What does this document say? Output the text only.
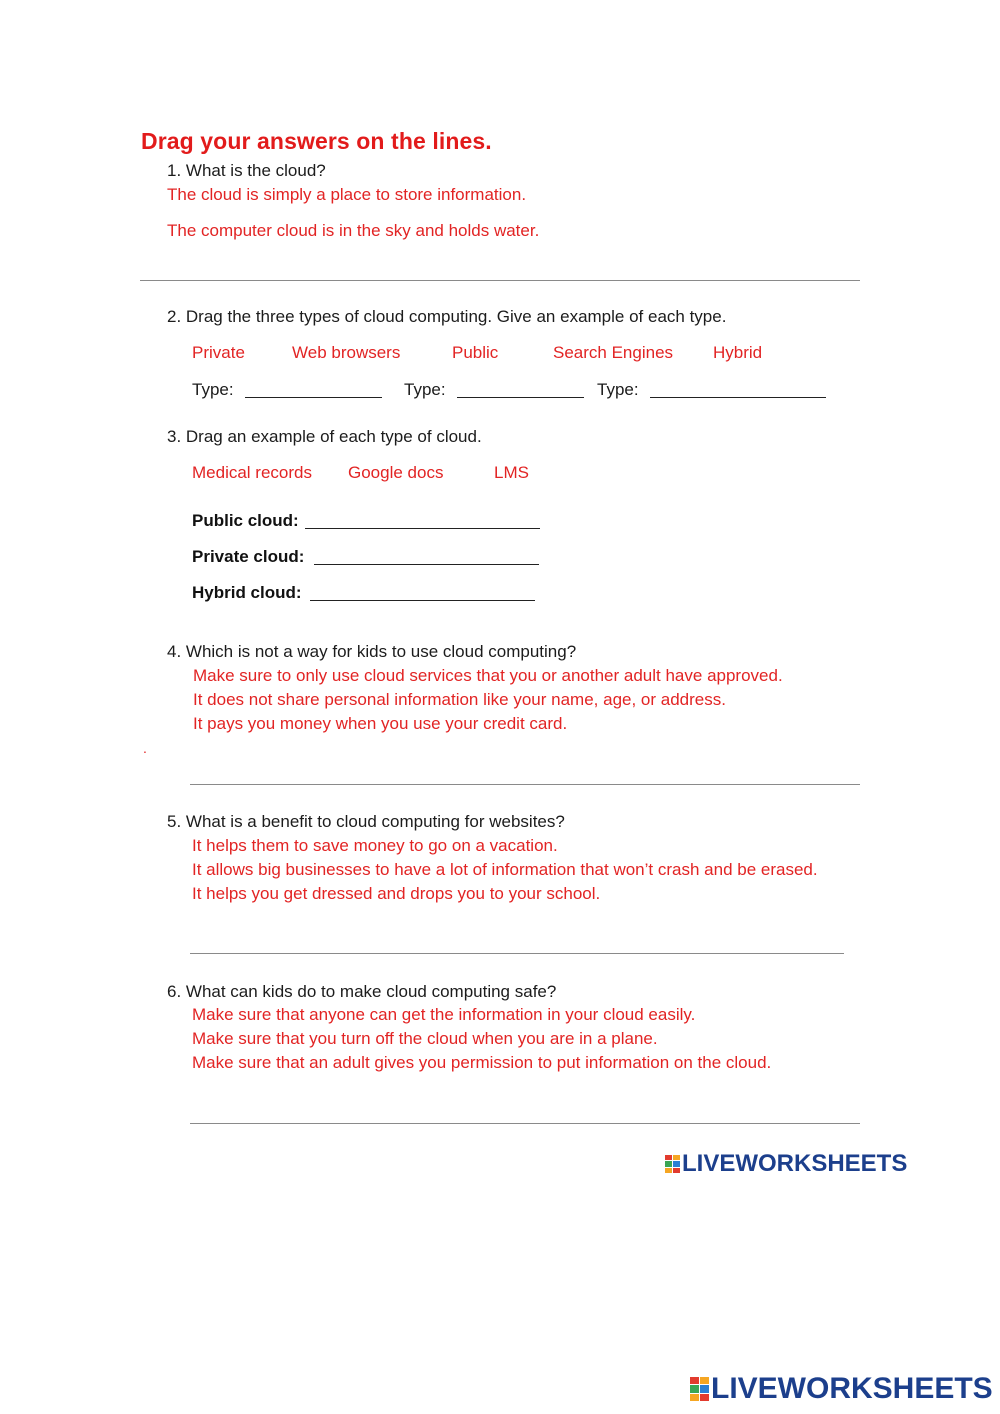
Drag your answers on the lines.
1. What is the cloud?
The cloud is simply a place to store information.
The computer cloud is in the sky and holds water.
2. Drag the three types of cloud computing. Give an example of each type.
Private	Web browsers	Public	Search Engines Hybrid
Type:	Type:	Type:
3. Drag an example of each type of cloud.
Medical records Google docs	LMS
Public cloud:
Private cloud:
Hybrid cloud:
4. Which is not a way for kids to use cloud computing?
Make sure to only use cloud services that you or another adult have approved.
It does not share personal information like your name, age, or address.
It pays you money when you use your credit card.
.
5. What is a benefit to cloud computing for websites?
It helps them to save money to go on a vacation.
It allows big businesses to have a lot of information that won’t crash and be erased.
It helps you get dressed and drops you to your school.
6. What can kids do to make cloud computing safe?
Make sure that anyone can get the information in your cloud easily.
Make sure that you turn off the cloud when you are in a plane.
Make sure that an adult gives you permission to put information on the cloud.
LIVEWORKSHEETS
LIVEWORKSHEETS
